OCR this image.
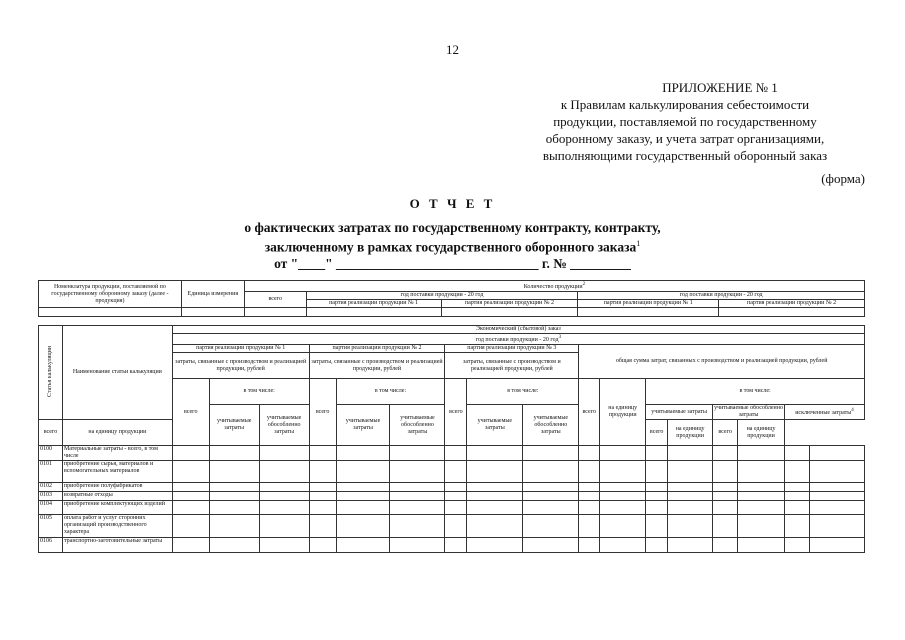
12
ПРИЛОЖЕНИЕ № 1
к Правилам калькулирования себестоимости
продукции, поставляемой по государственному
оборонному заказу, и учета затрат организациями,
выполняющими государственный оборонный заказ
(форма)
О Т Ч Е Т
о фактических затратах по государственному контракту, контракту,
заключенному в рамках государственного оборонного заказа$^1$
от "____" ______________________________ г. № _________
Номенклатура продукции, поставляемой по государственному оборонному заказу (далее - продукция)	Единица измерения	Количество продукции$^2$
		всего	год поставки продукции - 20 год		год поставки продукции - 20 год	
			партия реализации продукции № 1	партия реализации продукции № 2	партия реализации продукции № 1	партия реализации продукции № 2

Статья калькуляции	Наименование статьи калькуляции	Экономический (сбытовой) заказ																
		год поставки продукции - 20 год$^3$
		партия реализации продукции № 1			партия реализации продукции № 2			партия реализации продукции № 3			общая сумма затрат, связанных с производством и реализацией продукции, рублей							
		затраты, связанные с производством и реализацией продукции, рублей			затраты, связанные с производством и реализацией продукции, рублей			затраты, связанные с производством и реализацией продукции, рублей										
		всего	в том числе:		всего	в том числе:		всего	в том числе:		всего	на единицу продукции	в том числе:					
			учитываемые затраты	учитываемые обособленно затраты		учитываемые затраты	учитываемые обособленно затраты		учитываемые затраты	учитываемые обособленно затраты			учитываемые затраты		учитываемые обособленно затраты		исключенные затраты$^4$
всего	на единицу продукции												всего	на единицу продукции	всего	на единицу продукции		
0100	Материальные затраты - всего, в том числе																	
0101	приобретение сырья, материалов и вспомогательных материалов																	
0102	приобретение полуфабрикатов																	
0103	возвратные отходы																	
0104	приобретение комплектующих изделий																	
0105	оплата работ и услуг сторонних организаций производственного характера																	
0106	транспортно-заготовительные затраты																	
